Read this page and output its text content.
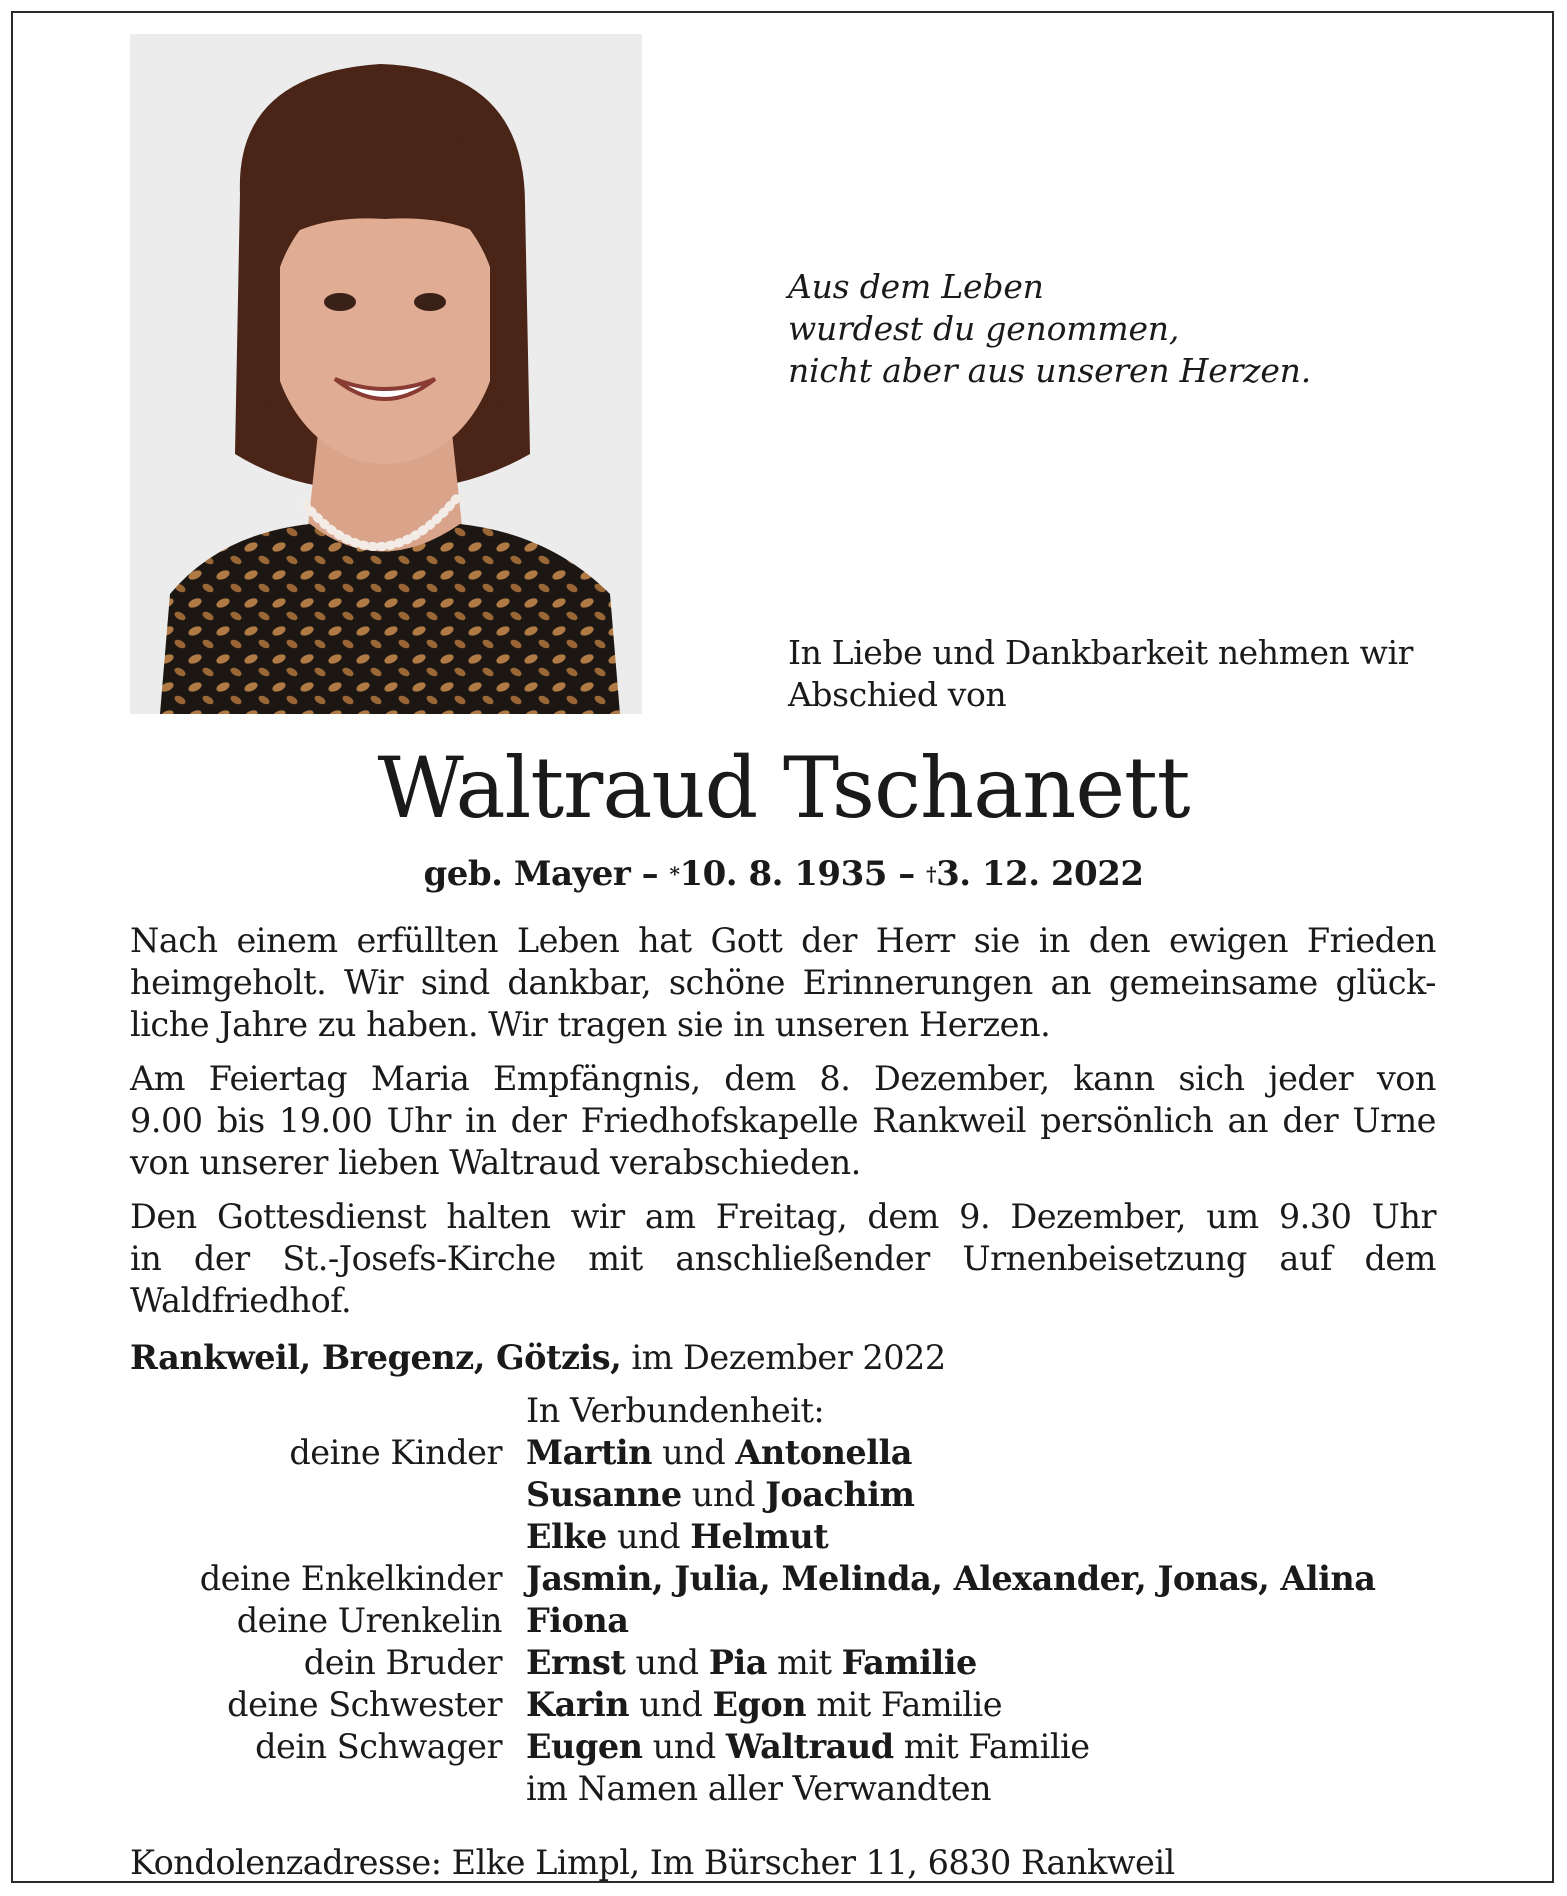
Aus dem Leben
wurdest du genommen,
nicht aber aus unseren Herzen.
In Liebe und Dankbarkeit nehmen wir
Abschied von
Waltraud Tschanett
geb. Mayer – *10. 8. 1935 – †3. 12. 2022
Nach einem erfüllten Leben hat Gott der Herr sie in den ewigen Frieden
heimgeholt. Wir sind dankbar, schöne Erinnerungen an gemeinsame glück-
liche Jahre zu haben. Wir tragen sie in unseren Herzen.
Am Feiertag Maria Empfängnis, dem 8. Dezember, kann sich jeder von
9.00 bis 19.00 Uhr in der Friedhofskapelle Rankweil persönlich an der Urne
von unserer lieben Waltraud verabschieden.
Den Gottesdienst halten wir am Freitag, dem 9. Dezember, um 9.30 Uhr
in der St.-Josefs-Kirche mit anschließender Urnenbeisetzung auf dem
Waldfriedhof.
Rankweil, Bregenz, Götzis, im Dezember 2022
In Verbundenheit:
deine Kinder Martin und Antonella
Susanne und Joachim
Elke und Helmut
deine Enkelkinder Jasmin, Julia, Melinda, Alexander, Jonas, Alina
deine Urenkelin Fiona
dein Bruder Ernst und Pia mit Familie
deine Schwester Karin und Egon mit Familie
dein Schwager Eugen und Waltraud mit Familie
im Namen aller Verwandten
Kondolenzadresse: Elke Limpl, Im Bürscher 11, 6830 Rankweil
